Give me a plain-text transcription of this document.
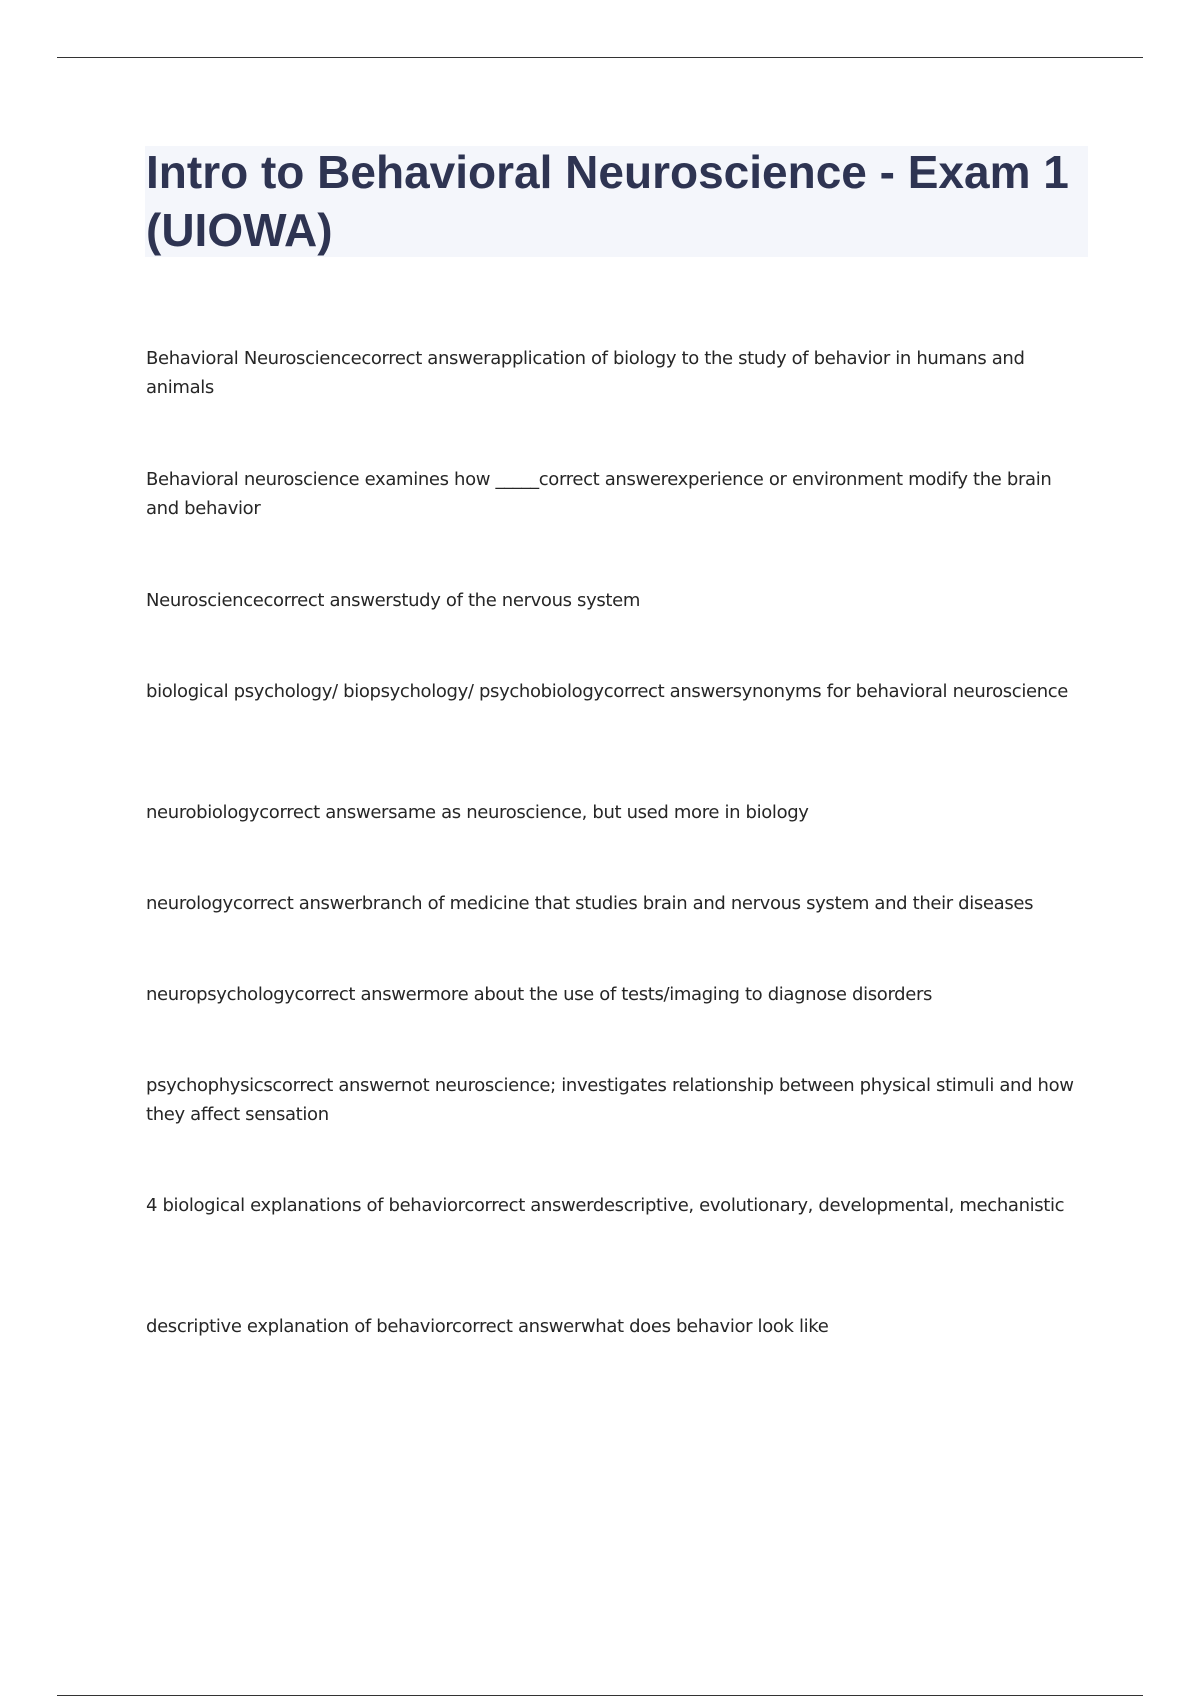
Intro to Behavioral Neuroscience - Exam 1 (UIOWA)

Behavioral Neurosciencecorrect answerapplication of biology to the study of behavior in humans and animals

Behavioral neuroscience examines how _____correct answerexperience or environment modify the brain and behavior

Neurosciencecorrect answerstudy of the nervous system

biological psychology/ biopsychology/ psychobiologycorrect answersynonyms for behavioral neuroscience

neurobiologycorrect answersame as neuroscience, but used more in biology

neurologycorrect answerbranch of medicine that studies brain and nervous system and their diseases

neuropsychologycorrect answermore about the use of tests/imaging to diagnose disorders

psychophysicscorrect answernot neuroscience; investigates relationship between physical stimuli and how they affect sensation

4 biological explanations of behaviorcorrect answerdescriptive, evolutionary, developmental, mechanistic

descriptive explanation of behaviorcorrect answerwhat does behavior look like
